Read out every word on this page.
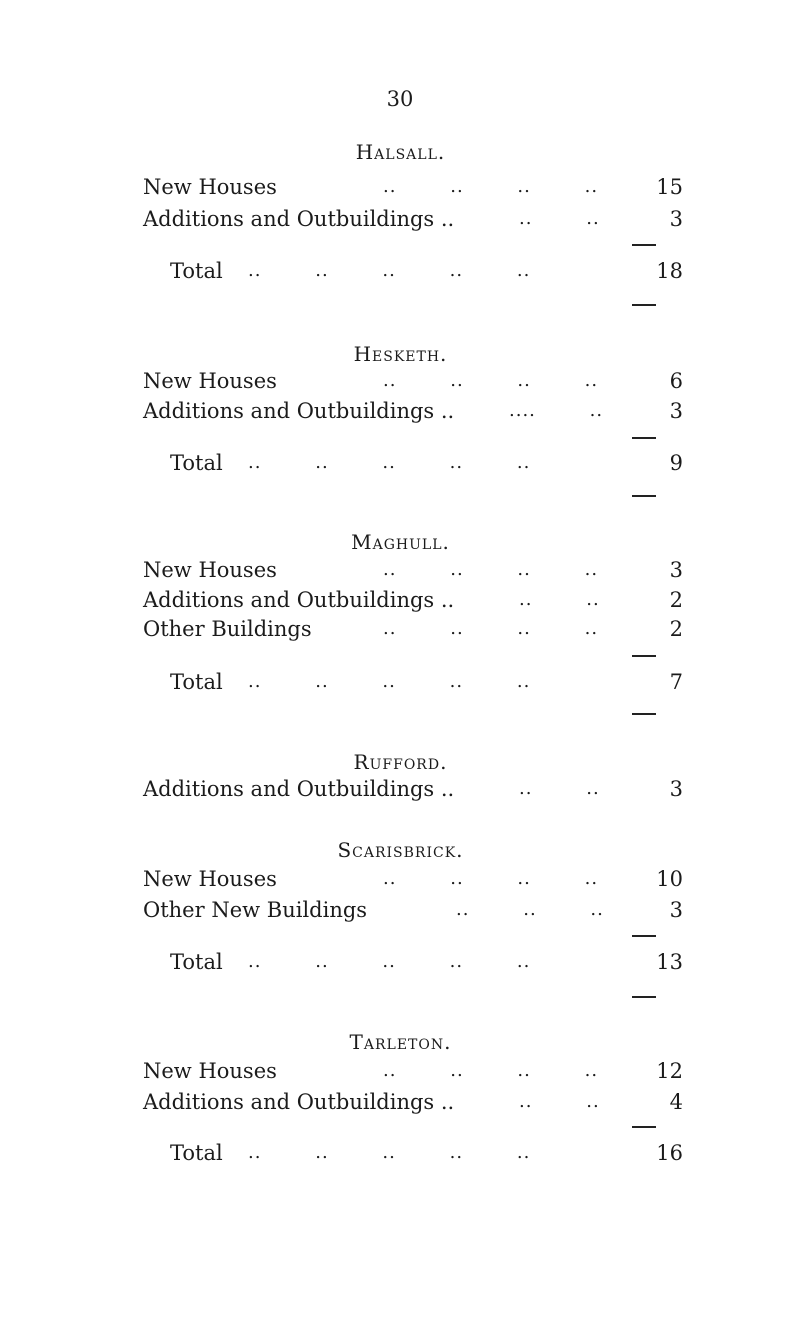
30
Halsall.
New Houses	..        ..        ..        ..	15
Additions and Outbuildings ..	..        ..	3
Total ..        ..        ..        ..        ..	18
Hesketh.
New Houses	..        ..        ..        ..	6
Additions and Outbuildings ..	....        ..	3
Total ..        ..        ..        ..        ..	9
Maghull.
New Houses	..        ..        ..        ..	3
Additions and Outbuildings ..	..        ..	2
Other Buildings	..        ..        ..        ..	2
Total ..        ..        ..        ..        ..	7
Rufford.
Additions and Outbuildings ..	..        ..	3
Scarisbrick.
New Houses	..        ..        ..        ..	10
Other New Buildings	..        ..        ..	3
Total ..        ..        ..        ..        ..	13
Tarleton.
New Houses	..        ..        ..        ..	12
Additions and Outbuildings ..	..        ..	4
Total ..        ..        ..        ..        ..	16
